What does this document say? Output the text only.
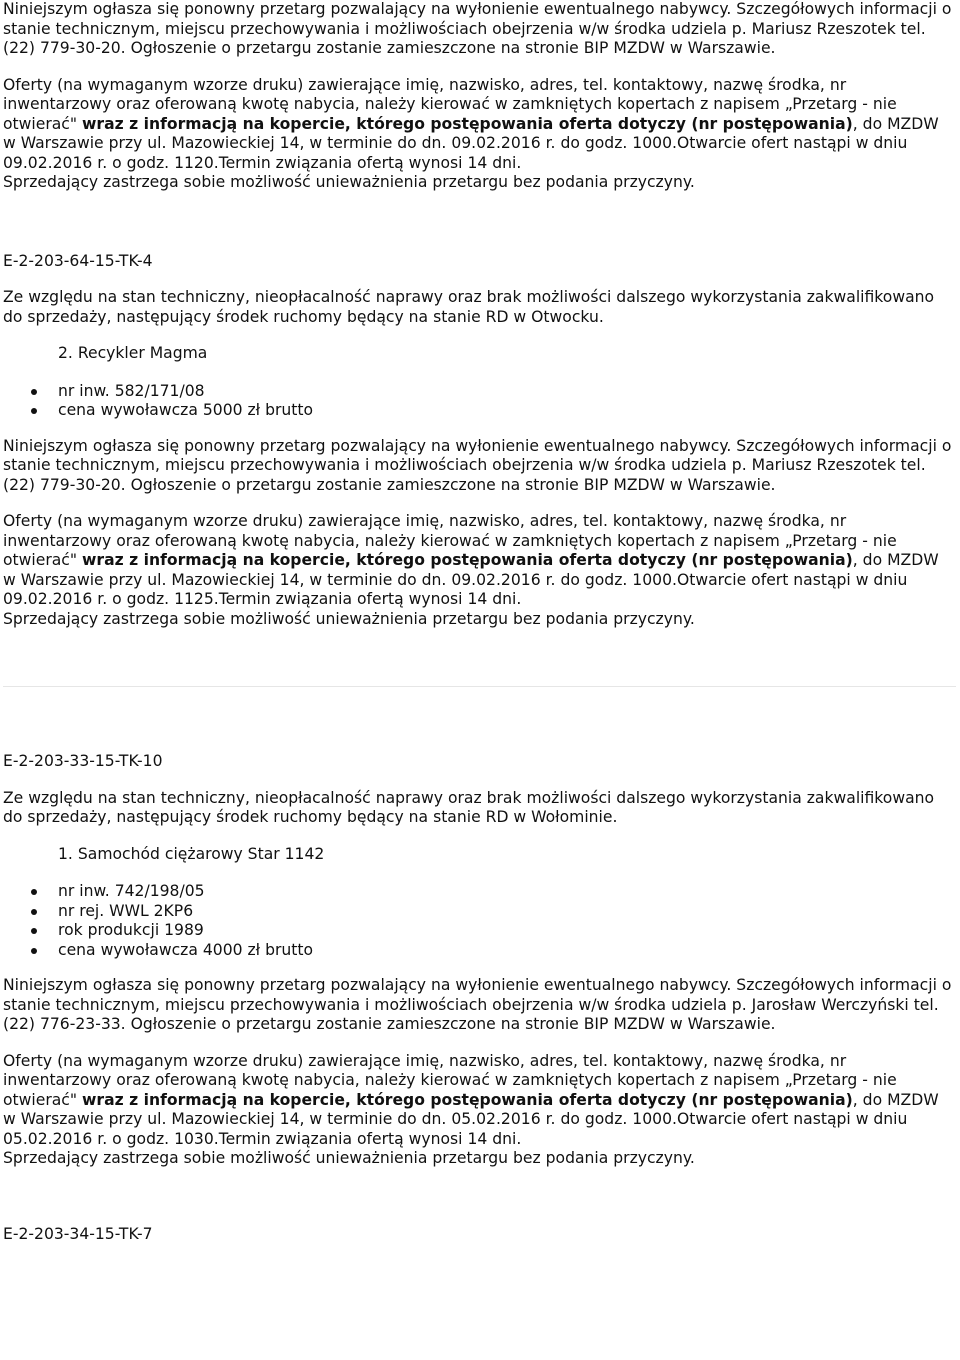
Niniejszym ogłasza się ponowny przetarg pozwalający na wyłonienie ewentualnego nabywcy. Szczegółowych informacji o stanie technicznym, miejscu przechowywania i możliwościach obejrzenia w/w środka udziela p. Mariusz Rzeszotek tel.(22) 779-30-20. Ogłoszenie o przetargu zostanie zamieszczone na stronie BIP MZDW w Warszawie.

Oferty (na wymaganym wzorze druku) zawierające imię, nazwisko, adres, tel. kontaktowy, nazwę środka, nr inwentarzowy oraz oferowaną kwotę nabycia, należy kierować w zamkniętych kopertach z napisem „Przetarg - nie otwierać" wraz z informacją na kopercie, którego postępowania oferta dotyczy (nr postępowania), do MZDW w Warszawie przy ul. Mazowieckiej 14, w terminie do dn. 09.02.2016 r. do godz. 1000.Otwarcie ofert nastąpi w dniu 09.02.2016 r. o godz. 1120.Termin związania ofertą wynosi 14 dni.
Sprzedający zastrzega sobie możliwość unieważnienia przetargu bez podania przyczyny.

E-2-203-64-15-TK-4

Ze względu na stan techniczny, nieopłacalność naprawy oraz brak możliwości dalszego wykorzystania zakwalifikowano do sprzedaży, następujący środek ruchomy będący na stanie RD w Otwocku.

2. Recykler Magma
nr inw. 582/171/08
cena wywoławcza 5000 zł brutto

Niniejszym ogłasza się ponowny przetarg pozwalający na wyłonienie ewentualnego nabywcy. Szczegółowych informacji o stanie technicznym, miejscu przechowywania i możliwościach obejrzenia w/w środka udziela p. Mariusz Rzeszotek tel.(22) 779-30-20. Ogłoszenie o przetargu zostanie zamieszczone na stronie BIP MZDW w Warszawie.

Oferty (na wymaganym wzorze druku) zawierające imię, nazwisko, adres, tel. kontaktowy, nazwę środka, nr inwentarzowy oraz oferowaną kwotę nabycia, należy kierować w zamkniętych kopertach z napisem „Przetarg - nie otwierać" wraz z informacją na kopercie, którego postępowania oferta dotyczy (nr postępowania), do MZDW w Warszawie przy ul. Mazowieckiej 14, w terminie do dn. 09.02.2016 r. do godz. 1000.Otwarcie ofert nastąpi w dniu 09.02.2016 r. o godz. 1125.Termin związania ofertą wynosi 14 dni.
Sprzedający zastrzega sobie możliwość unieważnienia przetargu bez podania przyczyny.

E-2-203-33-15-TK-10

Ze względu na stan techniczny, nieopłacalność naprawy oraz brak możliwości dalszego wykorzystania zakwalifikowano do sprzedaży, następujący środek ruchomy będący na stanie RD w Wołominie.

1. Samochód ciężarowy Star 1142
nr inw. 742/198/05
nr rej. WWL 2KP6
rok produkcji 1989
cena wywoławcza 4000 zł brutto

Niniejszym ogłasza się ponowny przetarg pozwalający na wyłonienie ewentualnego nabywcy. Szczegółowych informacji o stanie technicznym, miejscu przechowywania i możliwościach obejrzenia w/w środka udziela p. Jarosław Werczyński tel.(22) 776-23-33. Ogłoszenie o przetargu zostanie zamieszczone na stronie BIP MZDW w Warszawie.

Oferty (na wymaganym wzorze druku) zawierające imię, nazwisko, adres, tel. kontaktowy, nazwę środka, nr inwentarzowy oraz oferowaną kwotę nabycia, należy kierować w zamkniętych kopertach z napisem „Przetarg - nie otwierać" wraz z informacją na kopercie, którego postępowania oferta dotyczy (nr postępowania), do MZDW w Warszawie przy ul. Mazowieckiej 14, w terminie do dn. 05.02.2016 r. do godz. 1000.Otwarcie ofert nastąpi w dniu 05.02.2016 r. o godz. 1030.Termin związania ofertą wynosi 14 dni.
Sprzedający zastrzega sobie możliwość unieważnienia przetargu bez podania przyczyny.

E-2-203-34-15-TK-7
